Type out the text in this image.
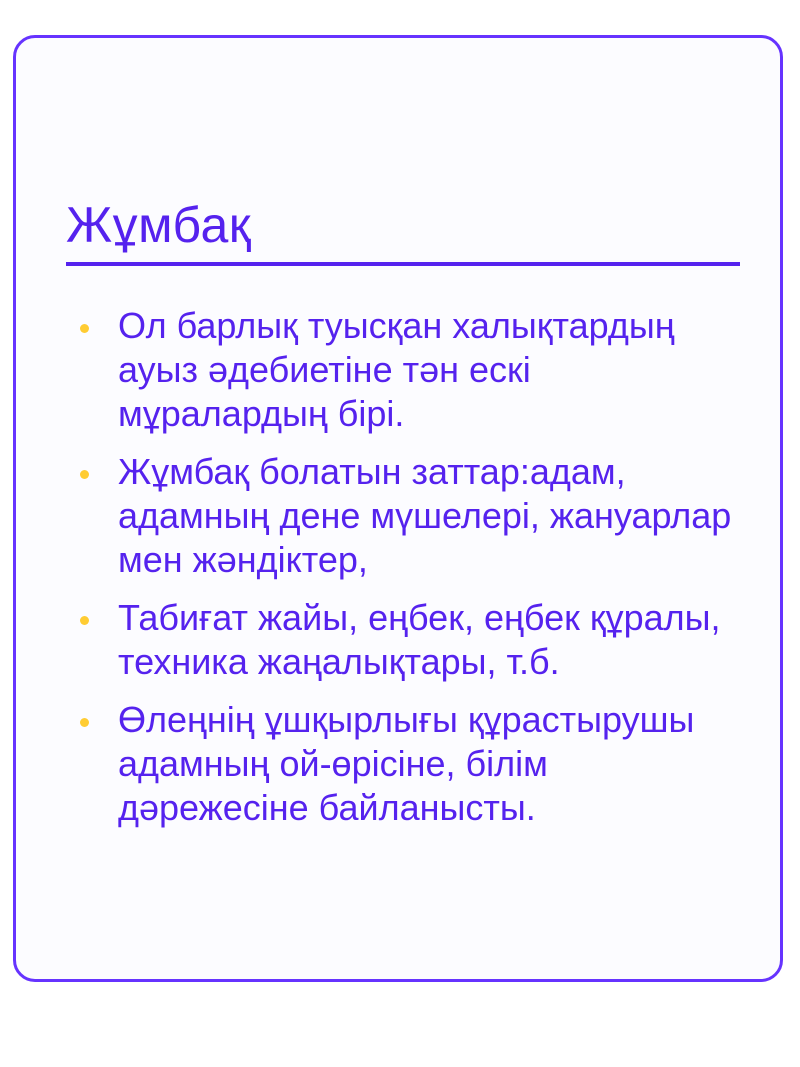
Жұмбақ
Ол барлық туысқан халықтардың ауыз әдебиетіне тән ескі мұралардың бірі.
Жұмбақ болатын заттар:адам, адамның дене мүшелері, жануарлар мен жәндіктер,
Табиғат жайы, еңбек, еңбек құралы, техника жаңалықтары, т.б.
Өлеңнің ұшқырлығы құрастырушы адамның ой-өрісіне, білім дәрежесіне байланысты.
